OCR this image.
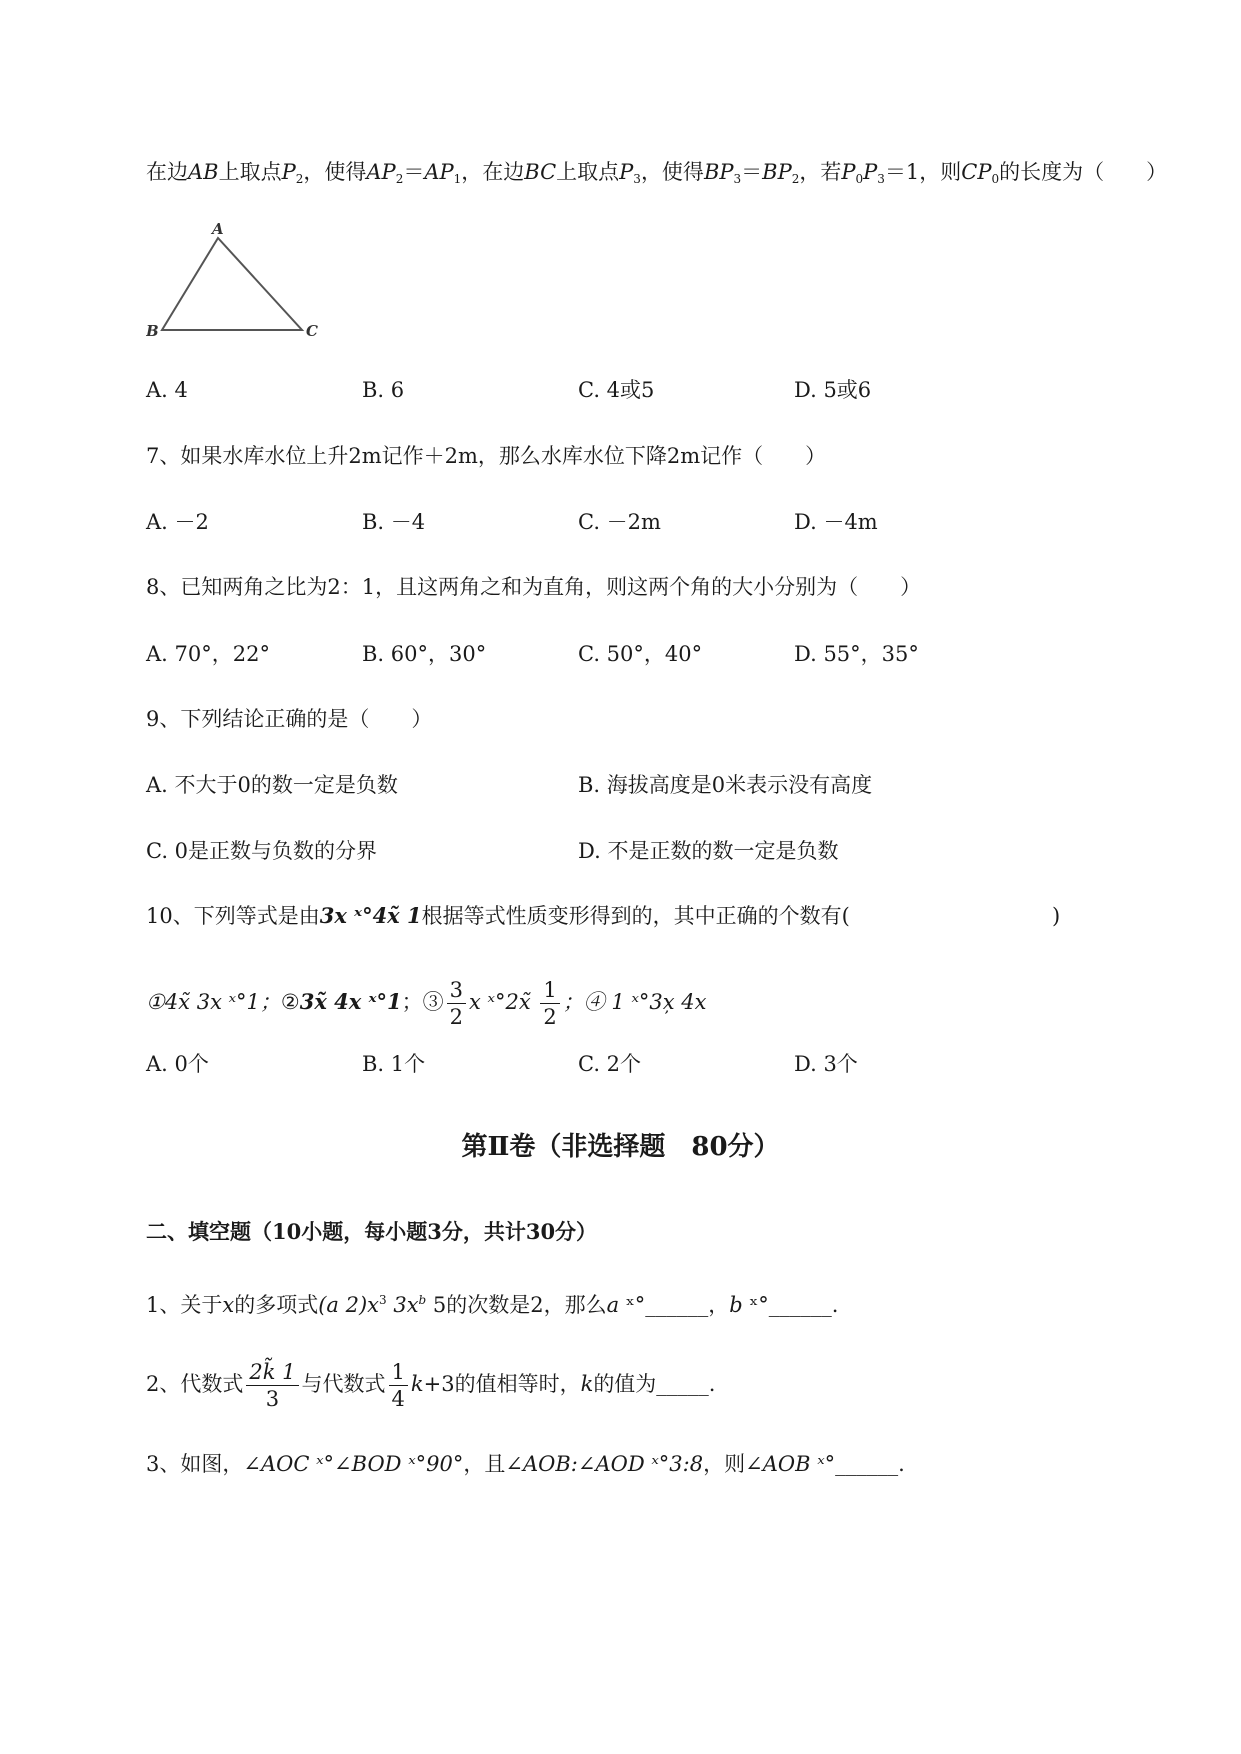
在边AB上取点$P_2$，使得$AP_2=AP_1$，在边BC上取点$P_3$，使得$BP_3=BP_2$，若$P_0P_3=1$，则$CP_0$的长度为（　　）
A
B	C
A. 4	B. 6	C. 4或5	D. 5或6
7、如果水库水位上升2m记作＋2m，那么水库水位下降2m记作（　　）
A. －2	B. －4	C. －2m	D. －4m
8、已知两角之比为2：1，且这两角之和为直角，则这两个角的大小分别为（　　）
A. 70°，22°	B. 60°，30°	C. 50°，40°	D. 55°，35°
9、下列结论正确的是（　　）
A. 不大于0的数一定是负数	B. 海拔高度是0米表示没有高度
C. 0是正数与负数的分界	D. 不是正数的数一定是负数
10、下列等式是由3x ˣ°4x̃ 1根据等式性质变形得到的，其中正确的个数有(	)
①4x̃ 3x ˣ°1；②3x̃ 4x ˣ°1；③ $\frac{3}{2}$ x ˣ°2x̃ $\frac{1}{2}$ ；④ 1 ˣ°3x̦ 4x
A. 0个	B. 1个	C. 2个	D. 3个
第Ⅱ卷（非选择题　80分）
二、填空题（10小题，每小题3分，共计30分）
1、关于x的多项式(a $2)x^3$ $3x^b$ 5的次数是2，那么a ˣ°______，b ˣ°______.
2、代数式 $\frac{2k̃ 1}{3}$ 与代数式 $\frac{1}{4} k+3$的值相等时，k的值为_____.
3、如图，∠AOC ˣ°∠BOD ˣ°90°，且∠AOB:∠AOD ˣ°3:8，则∠AOB ˣ°______.
